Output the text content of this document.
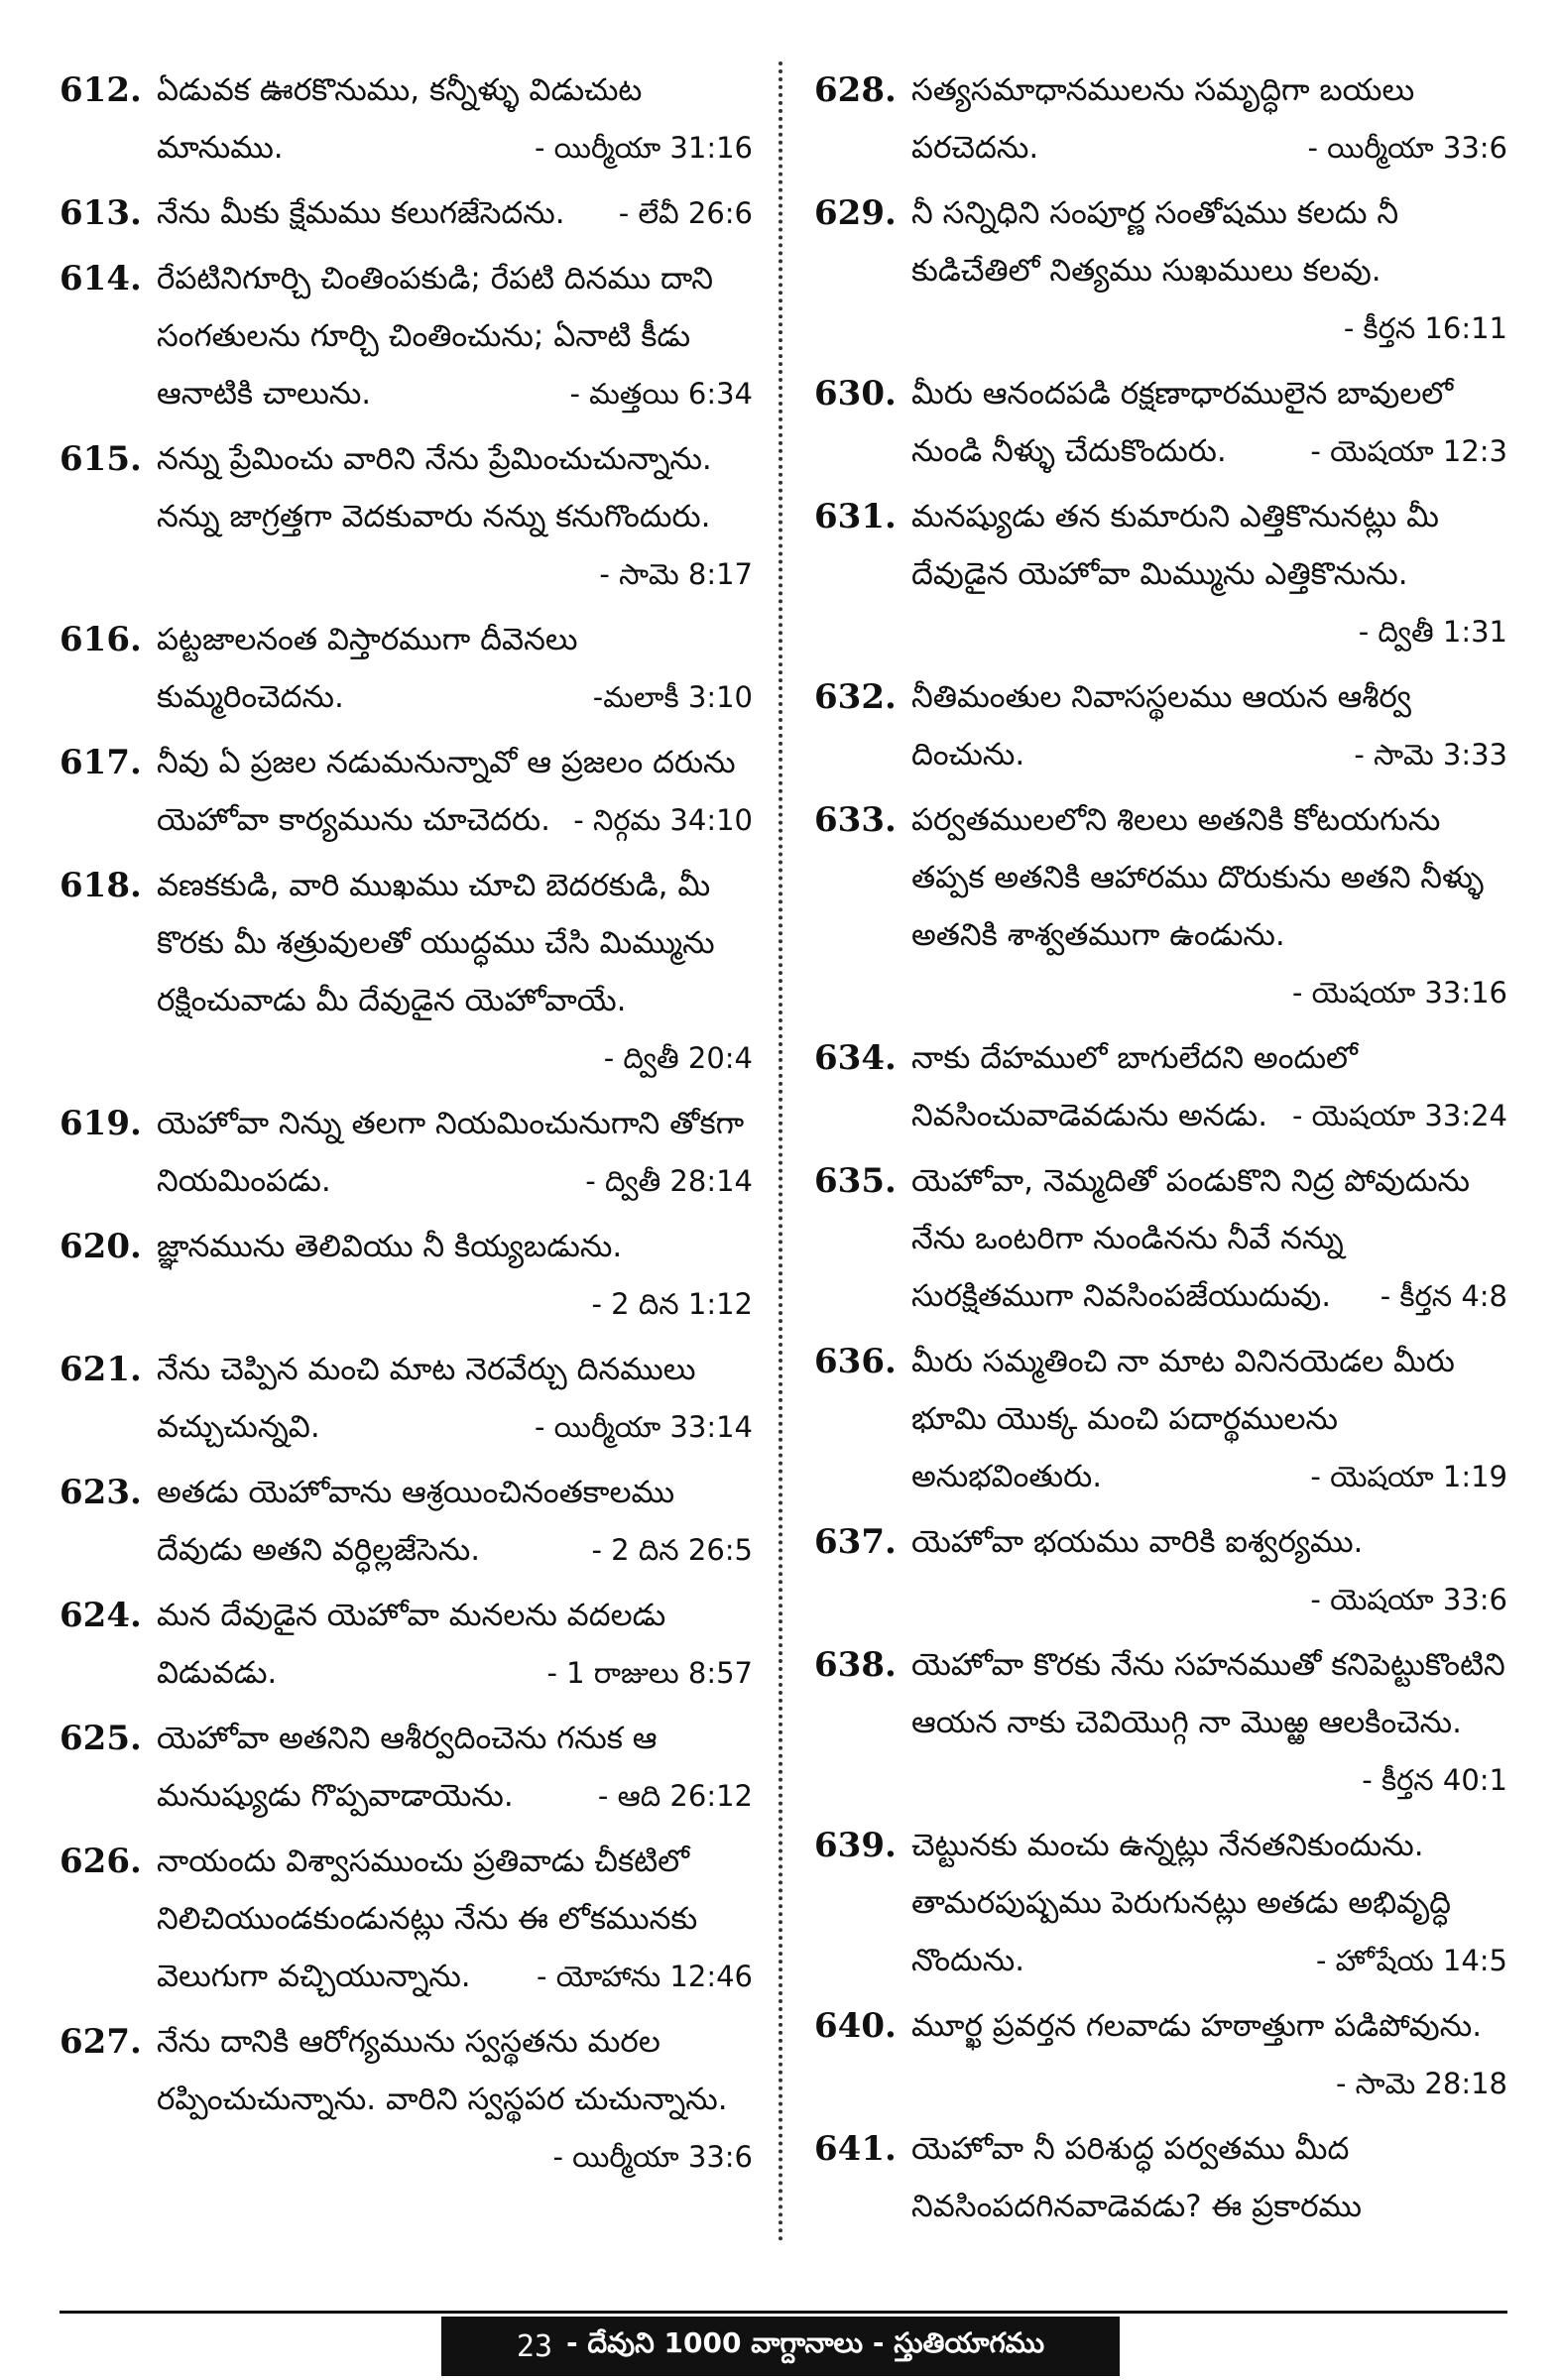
612. ఏడువక ఊరకొనుము, కన్నీళ్ళు విడుచుట మానుము.	- యిర్మీయా 31:16
613. నేను మీకు క్షేమము కలుగజేసెదను. - లేవీ 26:6
614. రేపటినిగూర్చి చింతింపకుడి; రేపటి దినము దాని సంగతులను గూర్చి చింతించును; ఏనాటి కీడు ఆనాటికి చాలును.	- మత్తయి 6:34
615. నన్ను ప్రేమించు వారిని నేను ప్రేమించుచున్నాను. నన్ను జాగ్రత్తగా వెదకువారు నన్ను కనుగొందురు.
- సామె 8:17
616. పట్టజాలనంత విస్తారముగా దీవెనలు కుమ్మరించెదను.	-మలాకీ 3:10
617. నీవు ఏ ప్రజల నడుమనున్నావో ఆ ప్రజలం దరును యెహోవా కార్యమును చూచెదరు. - నిర్గమ 34:10
618. వణకకుడి, వారి ముఖము చూచి బెదరకుడి, మీ కొరకు మీ శత్రువులతో యుద్ధము చేసి మిమ్మును రక్షించువాడు మీ దేవుడైన యెహోవాయే.
- ద్వితీ 20:4
619. యెహోవా నిన్ను తలగా నియమించునుగాని తోకగా నియమింపడు.	- ద్వితీ 28:14
620. జ్ఞానమును తెలివియు నీ కియ్యబడును.
- 2 దిన 1:12
621. నేను చెప్పిన మంచి మాట నెరవేర్చు దినములు వచ్చుచున్నవి.	- యిర్మీయా 33:14
623. అతడు యెహోవాను ఆశ్రయించినంతకాలము దేవుడు అతని వర్ధిల్లజేసెను.	- 2 దిన 26:5
624. మన దేవుడైన యెహోవా మనలను వదలడు విడువడు.	- 1 రాజులు 8:57
625. యెహోవా అతనిని ఆశీర్వదించెను గనుక ఆ మనుష్యుడు గొప్పవాడాయెను.	- ఆది 26:12
626. నాయందు విశ్వాసముంచు ప్రతివాడు చీకటిలో నిలిచియుండకుండునట్లు నేను ఈ లోకమునకు వెలుగుగా వచ్చియున్నాను. - యోహాను 12:46
627. నేను దానికి ఆరోగ్యమును స్వస్థతను మరల రప్పించుచున్నాను. వారిని స్వస్థపర చుచున్నాను.
- యిర్మీయా 33:6
628. సత్యసమాధానములను సమృద్ధిగా బయలు పరచెదను.	- యిర్మీయా 33:6
629. నీ సన్నిధిని సంపూర్ణ సంతోషము కలదు నీ కుడిచేతిలో నిత్యము సుఖములు కలవు.
- కీర్తన 16:11
630. మీరు ఆనందపడి రక్షణాధారములైన బావులలో నుండి నీళ్ళు చేదుకొందురు.	- యెషయా 12:3
631. మనష్యుడు తన కుమారుని ఎత్తికొనునట్లు మీ దేవుడైన యెహోవా మిమ్మును ఎత్తికొనును.
- ద్వితీ 1:31
632. నీతిమంతుల నివాసస్థలము ఆయన ఆశీర్వ దించును.	- సామె 3:33
633. పర్వతములలోని శిలలు అతనికి కోటయగును తప్పక అతనికి ఆహారము దొరుకును అతని నీళ్ళు అతనికి శాశ్వతముగా ఉండును.
- యెషయా 33:16
634. నాకు దేహములో బాగులేదని అందులో నివసించువాడెవడును అనడు. - యెషయా 33:24
635. యెహోవా, నెమ్మదితో పండుకొని నిద్ర పోవుదును నేను ఒంటరిగా నుండినను నీవే నన్ను సురక్షితముగా నివసింపజేయుదువు. - కీర్తన 4:8
636. మీరు సమ్మతించి నా మాట వినినయెడల మీరు భూమి యొక్క మంచి పదార్థములను అనుభవింతురు.	- యెషయా 1:19
637. యెహోవా భయము వారికి ఐశ్వర్యము.
- యెషయా 33:6
638. యెహోవా కొరకు నేను సహనముతో కనిపెట్టుకొంటిని ఆయన నాకు చెవియొగ్గి నా మొఱ్ఱ ఆలకించెను.
- కీర్తన 40:1
639. చెట్టునకు మంచు ఉన్నట్లు నేనతనికుందును. తామరపుష్పము పెరుగునట్లు అతడు అభివృద్ధి నొందును.	- హోషేయ 14:5
640. మూర్ఖ ప్రవర్తన గలవాడు హఠాత్తుగా పడిపోవును.
- సామె 28:18
641. యెహోవా నీ పరిశుద్ధ పర్వతము మీద నివసింపదగినవాడెవడు? ఈ ప్రకారము
23 - దేవుని 1000 వాగ్దానాలు - స్తుతియాగము
